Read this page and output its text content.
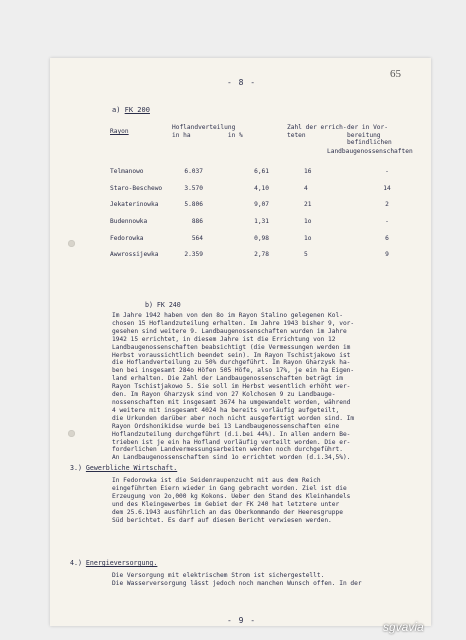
- 8 -
65
a) FK 200
Rayon
Hoflandverteilung
in ha          in %
Zahl der errich-
teten
der in Vor-
bereitung
befindlichen
Landbaugenossenschaften
Telmanowo	6.037	6,61	16	-
Staro-Beschewo	3.570	4,10	4	14
Jekaterinowka	5.806	9,07	21	2
Budennowka	886	1,31	1o	-
Fedorowka	564	0,98	1o	6
Awwrossijewka	2.359	2,78	5	9
b) FK 240
Im Jahre 1942 haben von den 8o im Rayon Stalino gelegenen Kol-
chosen 15 Hoflandzuteilung erhalten. Im Jahre 1943 bisher 9, vor-
gesehen sind weitere 9. Landbaugenossenschaften wurden im Jahre
1942 15 errichtet, in diesem Jahre ist die Errichtung von 12
Landbaugenossenschaften beabsichtigt (die Vermessungen werden im
Herbst voraussichtlich beendet sein). Im Rayon Tschistjakowo ist
die Hoflandverteilung zu 50% durchgeführt. Im Rayon Gharzysk ha-
ben bei insgesamt 284o Höfen 505 Höfe, also 17%, je ein ha Eigen-
land erhalten. Die Zahl der Landbaugenossenschaften beträgt im
Rayon Tschistjakowo 5. Sie soll im Herbst wesentlich erhöht wer-
den. Im Rayon Gharzysk sind von 27 Kolchosen 9 zu Landbauge-
nossenschaften mit insgesamt 3674 ha umgewandelt worden, während
4 weitere mit insgesamt 4024 ha bereits vorläufig aufgeteilt,
die Urkunden darüber aber noch nicht ausgefertigt worden sind. Im
Rayon Ordshonikidse wurde bei 13 Landbaugenossenschaften eine
Hoflandzuteilung durchgeführt (d.i.bei 44%). In allen andern Be-
trieben ist je ein ha Hofland vorläufig verteilt worden. Die er-
forderlichen Landvermessungsarbeiten werden noch durchgeführt.
An Landbaugenossenschaften sind 1o errichtet worden (d.i.34,5%).
3.) Gewerbliche Wirtschaft.
In Fedorowka ist die Seidenraupenzucht mit aus dem Reich
eingeführten Eiern wieder in Gang gebracht worden. Ziel ist die
Erzeugung von 2o,000 kg Kokons. Ueber den Stand des Kleinhandels
und des Kleingewerbes im Gebiet der FK 240 hat letztere unter
dem 25.6.1943 ausführlich an das Oberkommando der Heeresgruppe
Süd berichtet. Es darf auf diesen Bericht verwiesen werden.
4.) Energieversorgung.
Die Versorgung mit elektrischem Strom ist sichergestellt.
Die Wasserversorgung lässt jedoch noch manchen Wunsch offen. In der
- 9 -	sgvavia
